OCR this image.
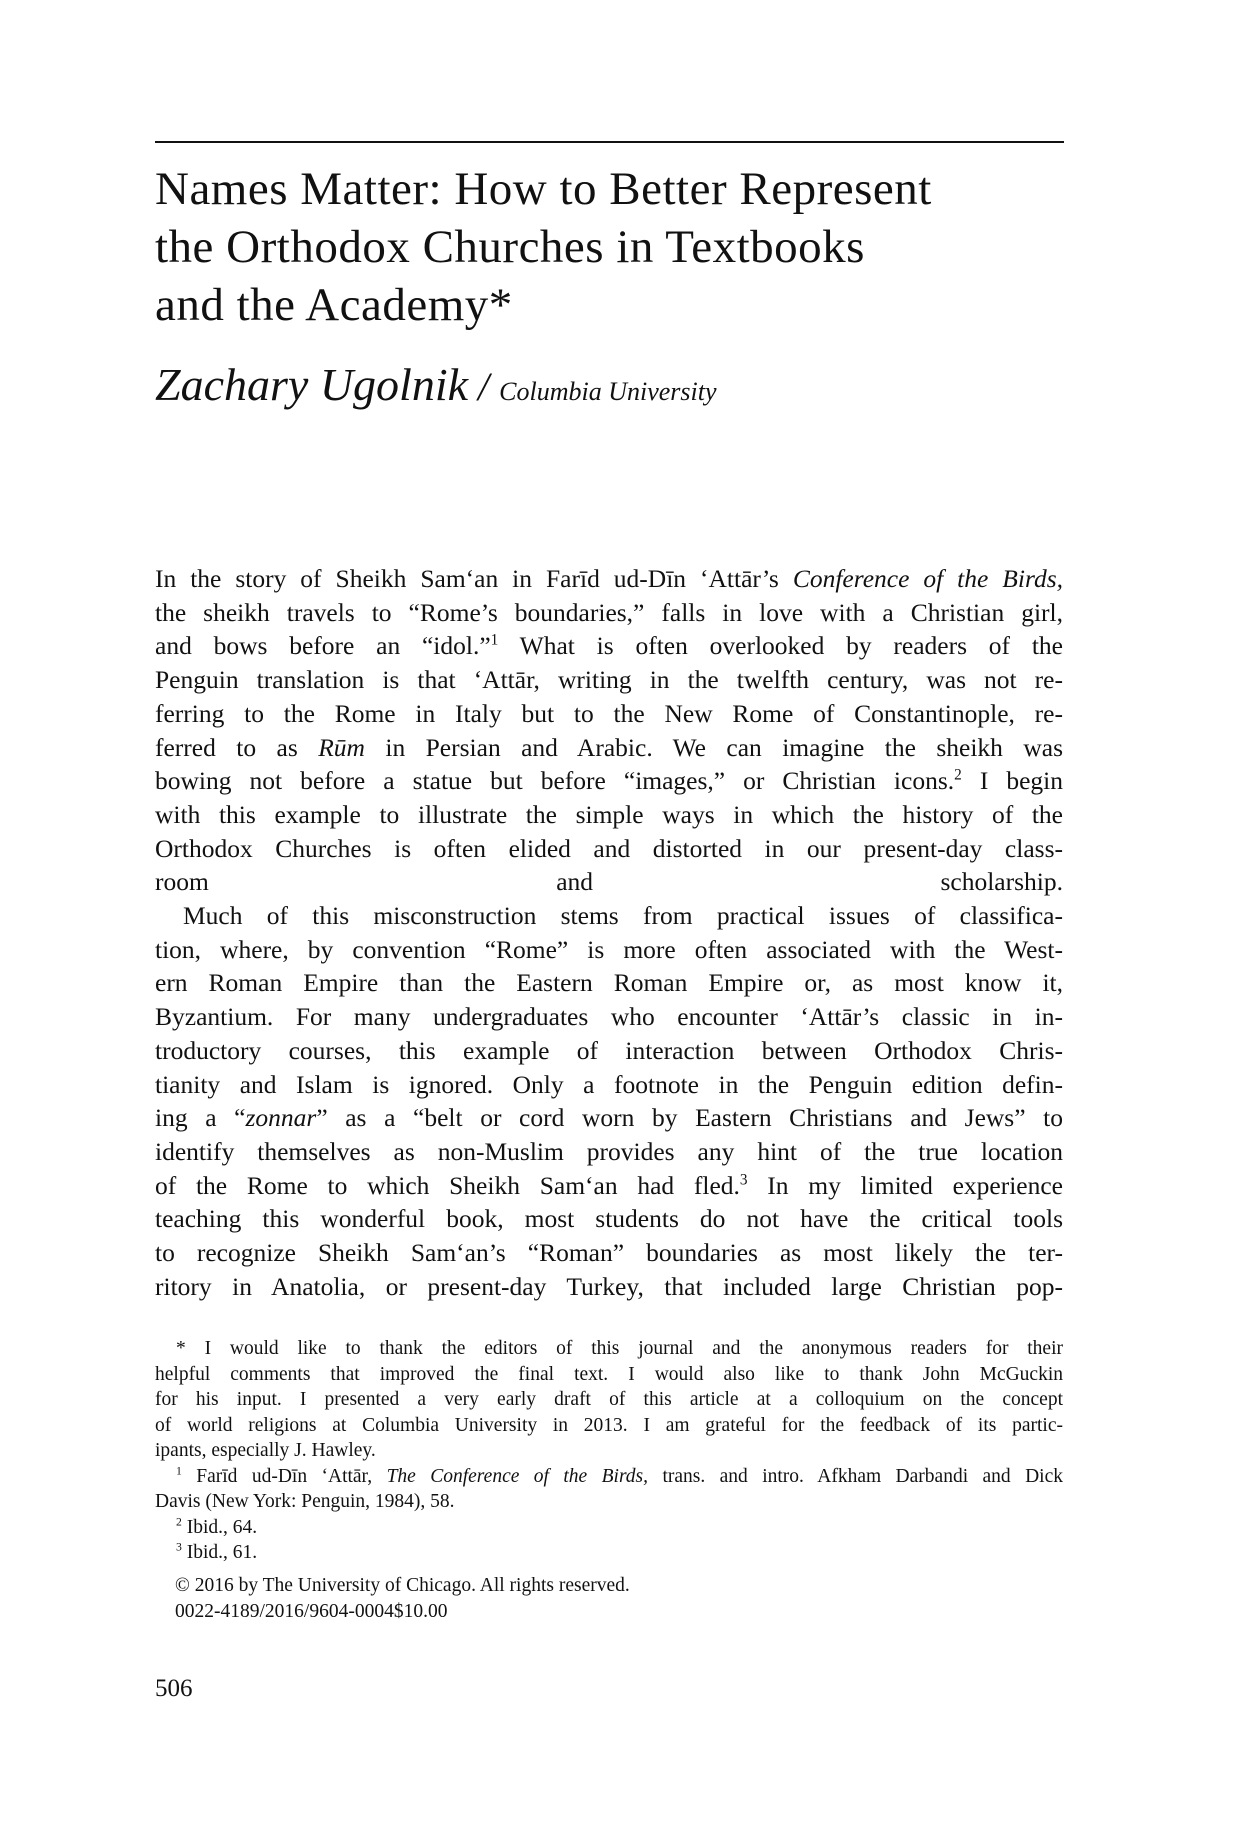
Names Matter: How to Better Represent
the Orthodox Churches in Textbooks
and the Academy*
Zachary Ugolnik / Columbia University

In the story of Sheikh Sam‘an in Farīd ud-Dīn ‘Attār’s Conference of the Birds,
the sheikh travels to “Rome’s boundaries,” falls in love with a Christian girl,
and bows before an “idol.”$^1$ What is often overlooked by readers of the
Penguin translation is that ‘Attār, writing in the twelfth century, was not re-
ferring to the Rome in Italy but to the New Rome of Constantinople, re-
ferred to as Rūm in Persian and Arabic. We can imagine the sheikh was
bowing not before a statue but before “images,” or Christian icons.$^2$ I begin
with this example to illustrate the simple ways in which the history of the
Orthodox Churches is often elided and distorted in our present-day class-
room and scholarship.

Much of this misconstruction stems from practical issues of classifica-
tion, where, by convention “Rome” is more often associated with the West-
ern Roman Empire than the Eastern Roman Empire or, as most know it,
Byzantium. For many undergraduates who encounter ‘Attār’s classic in in-
troductory courses, this example of interaction between Orthodox Chris-
tianity and Islam is ignored. Only a footnote in the Penguin edition defin-
ing a “zonnar” as a “belt or cord worn by Eastern Christians and Jews” to
identify themselves as non-Muslim provides any hint of the true location
of the Rome to which Sheikh Sam‘an had fled.$^3$ In my limited experience
teaching this wonderful book, most students do not have the critical tools
to recognize Sheikh Sam‘an’s “Roman” boundaries as most likely the ter-
ritory in Anatolia, or present-day Turkey, that included large Christian pop-

* I would like to thank the editors of this journal and the anonymous readers for their
helpful comments that improved the final text. I would also like to thank John McGuckin
for his input. I presented a very early draft of this article at a colloquium on the concept
of world religions at Columbia University in 2013. I am grateful for the feedback of its partic-
ipants, especially J. Hawley.
$^1$ Farīd ud-Dīn ‘Attār, The Conference of the Birds, trans. and intro. Afkham Darbandi and Dick
Davis (New York: Penguin, 1984), 58.
$^2$ Ibid., 64.
$^3$ Ibid., 61.
© 2016 by The University of Chicago. All rights reserved.
0022-4189/2016/9604-0004$10.00
506
